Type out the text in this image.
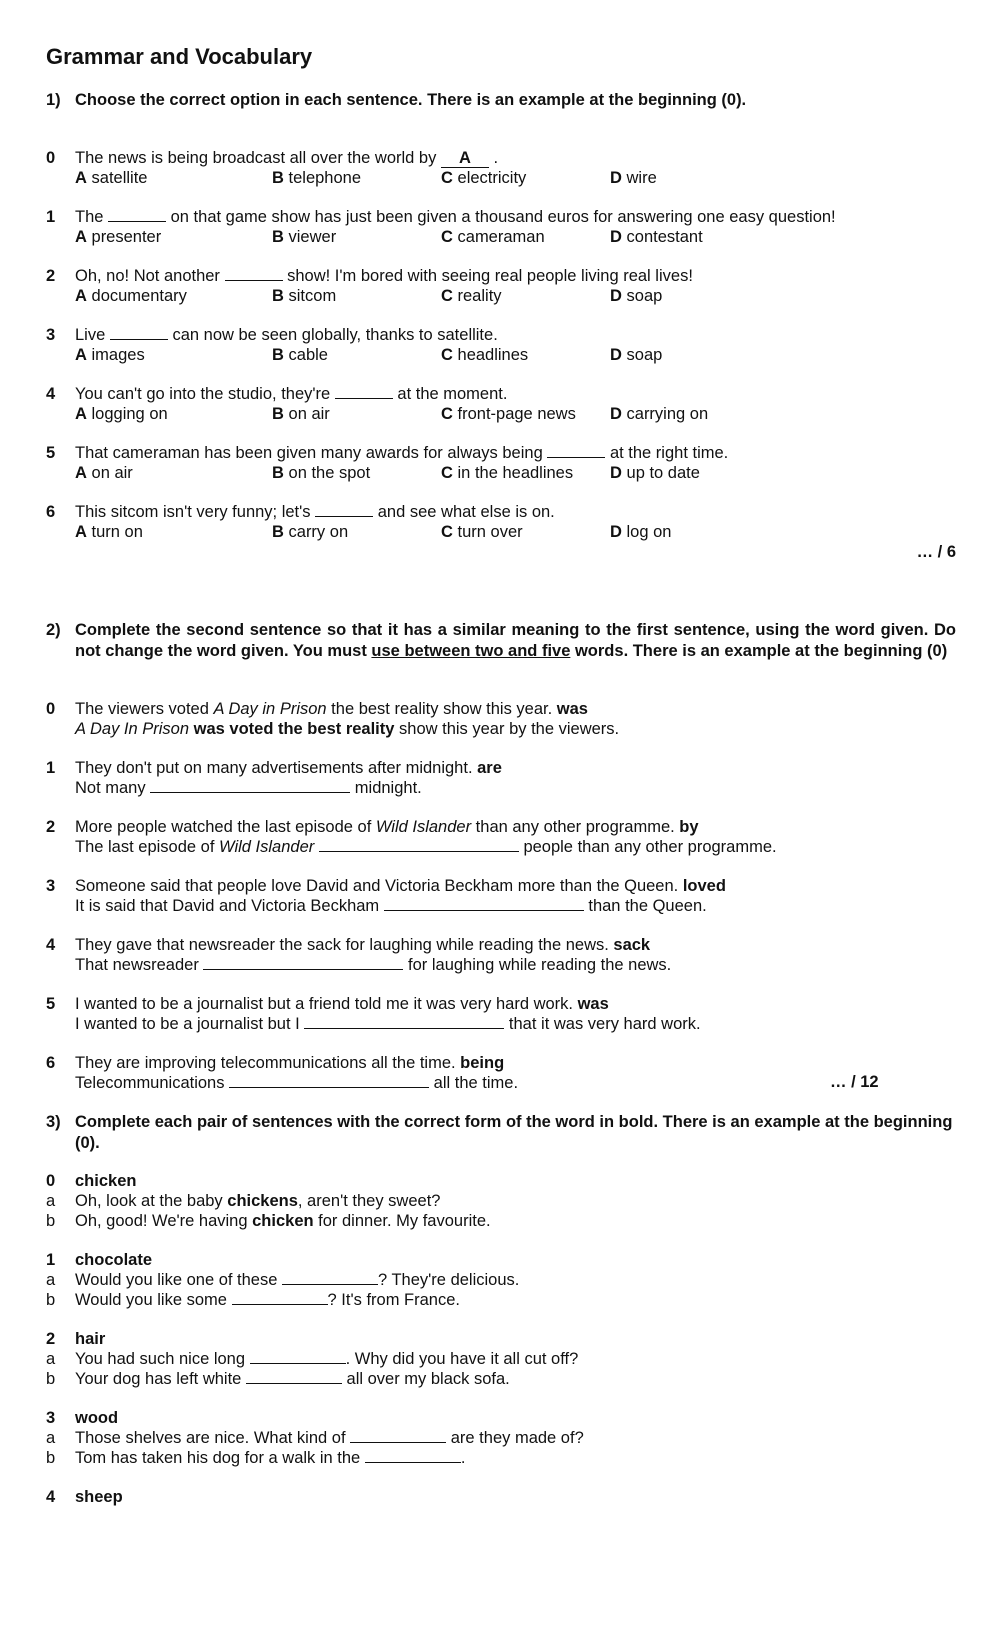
Grammar and Vocabulary
1) Choose the correct option in each sentence. There is an example at the beginning (0).
0	The news is being broadcast all over the world by A .
A satellite	B telephone	C electricity	D wire
1	The	on that game show has just been given a thousand euros for answering one easy question!
A presenter	B viewer	C cameraman	D contestant
2	Oh, no! Not another	show! I'm bored with seeing real people living real lives!
A documentary	B sitcom	C reality	D soap
3	Live	can now be seen globally, thanks to satellite.
A images	B cable	C headlines	D soap
4	You can't go into the studio, they're	at the moment.
A logging on	B on air	C front-page news D carrying on
5	That cameraman has been given many awards for always being	at the right time.
A on air	B on the spot	C in the headlines D up to date
6	This sitcom isn't very funny; let's	and see what else is on.
A turn on	B carry on	C turn over	D log on
… / 6
2) Complete the second sentence so that it has a similar meaning to the first sentence, using the word given. Do not change the word given. You must use between two and five words. There is an example at the beginning (0)
0	The viewers voted A Day in Prison the best reality show this year. was
A Day In Prison was voted the best reality show this year by the viewers.
1	They don't put on many advertisements after midnight. are
Not many	midnight.
2	More people watched the last episode of Wild Islander than any other programme. by
The last episode of Wild Islander	people than any other programme.
3	Someone said that people love David and Victoria Beckham more than the Queen. loved
It is said that David and Victoria Beckham	than the Queen.
4	They gave that newsreader the sack for laughing while reading the news. sack
That newsreader	for laughing while reading the news.
5	I wanted to be a journalist but a friend told me it was very hard work. was
I wanted to be a journalist but I	that it was very hard work.
6	They are improving telecommunications all the time. being
Telecommunications	all the time.	… / 12
3) Complete each pair of sentences with the correct form of the word in bold. There is an example at the beginning (0).
0	chicken
a	Oh, look at the baby chickens, aren't they sweet?
b	Oh, good! We're having chicken for dinner. My favourite.
1	chocolate
a	Would you like one of these	? They're delicious.
b	Would you like some	? It's from France.
2	hair
a	You had such nice long	. Why did you have it all cut off?
b	Your dog has left white	all over my black sofa.
3	wood
a	Those shelves are nice. What kind of	are they made of?
b	Tom has taken his dog for a walk in the	.
4	sheep
